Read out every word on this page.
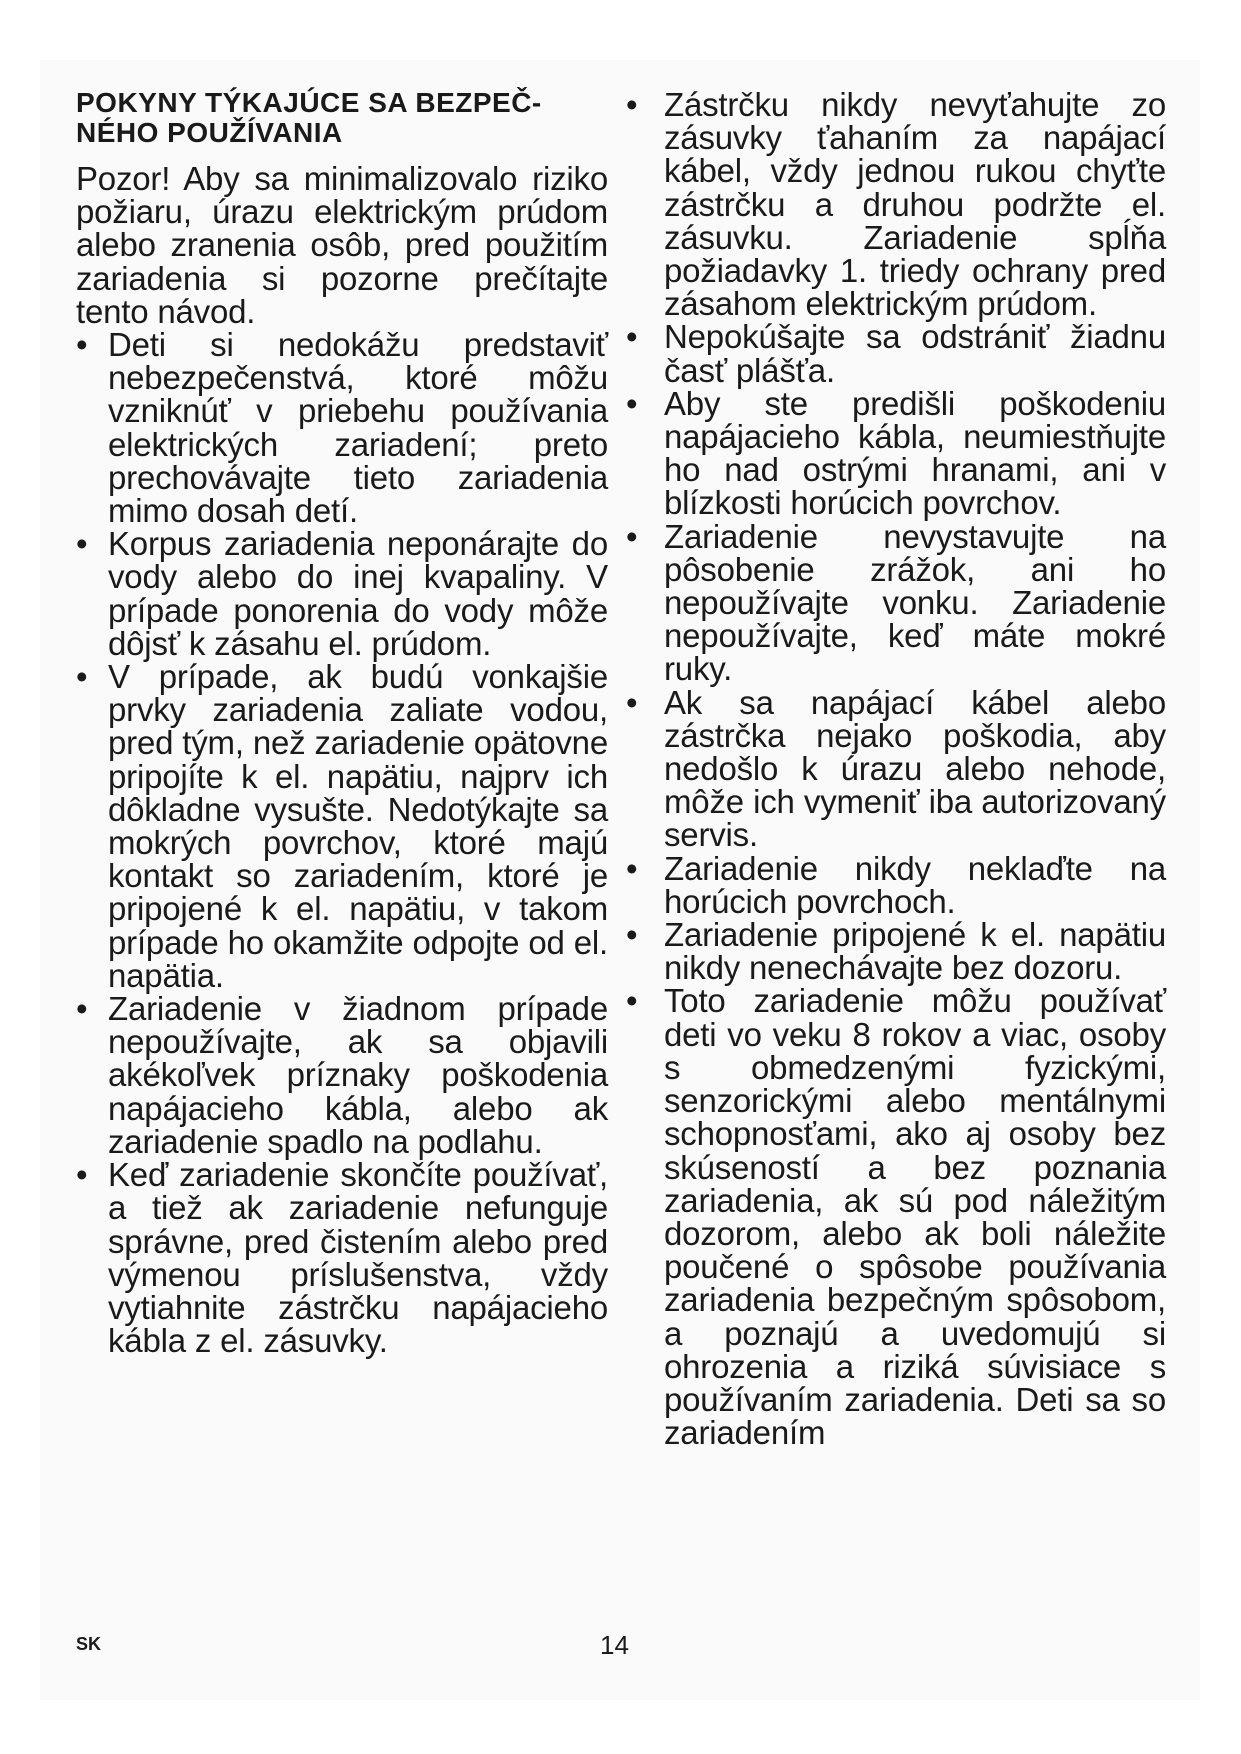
POKYNY TÝKAJÚCE SA BEZPEČ- NÉHO POUŽÍVANIA

Pozor! Aby sa minimalizovalo riziko požiaru, úrazu elektrickým prúdom alebo zranenia osôb, pred použitím zariadenia si pozorne prečítajte tento návod.

• Deti si nedokážu predstaviť nebezpečenstvá, ktoré môžu vzniknúť v priebehu používania elektrických zariadení; preto prechovávajte tieto zariadenia mimo dosah detí.
• Korpus zariadenia neponárajte do vody alebo do inej kvapaliny. V prípade ponorenia do vody môže dôjsť k zásahu el. prúdom.
• V prípade, ak budú vonkajšie prvky zariadenia zaliate vodou, pred tým, než zariadenie opätovne pripojíte k el. napätiu, najprv ich dôkladne vysušte. Nedotýkajte sa mokrých povrchov, ktoré majú kontakt so zariadením, ktoré je pripojené k el. napätiu, v takom prípade ho okamžite odpojte od el. napätia.
• Zariadenie v žiadnom prípade nepoužívajte, ak sa objavili akékoľvek príznaky poškodenia napájacieho kábla, alebo ak zariadenie spadlo na podlahu.
• Keď zariadenie skončíte používať, a tiež ak zariadenie nefunguje správne, pred čistením alebo pred výmenou príslušenstva, vždy vytiahnite zástrčku napájacieho kábla z el. zásuvky.
• Zástrčku nikdy nevyťahujte zo zásuvky ťahaním za napájací kábel, vždy jednou rukou chyťte zástrčku a druhou podržte el. zásuvku. Zariadenie spĺňa požiadavky 1. triedy ochrany pred zásahom elektrickým prúdom.
• Nepokúšajte sa odstrániť žiadnu časť plášťa.
• Aby ste predišli poškodeniu napájacieho kábla, neumiestňujte ho nad ostrými hranami, ani v blízkosti horúcich povrchov.
• Zariadenie nevystavujte na pôsobenie zrážok, ani ho nepoužívajte vonku. Zariadenie nepoužívajte, keď máte mokré ruky.
• Ak sa napájací kábel alebo zástrčka nejako poškodia, aby nedošlo k úrazu alebo nehode, môže ich vymeniť iba autorizovaný servis.
• Zariadenie nikdy neklaďte na horúcich povrchoch.
• Zariadenie pripojené k el. napätiu nikdy nenechávajte bez dozoru.
• Toto zariadenie môžu používať deti vo veku 8 rokov a viac, osoby s obmedzenými fyzickými, senzorickými alebo mentálnymi schopnosťami, ako aj osoby bez skúseností a bez poznania zariadenia, ak sú pod náležitým dozorom, alebo ak boli náležite poučené o spôsobe používania zariadenia bezpečným spôsobom, a poznajú a uvedomujú si ohrozenia a riziká súvisiace s používaním zariadenia. Deti sa so zariadením
SK	14
